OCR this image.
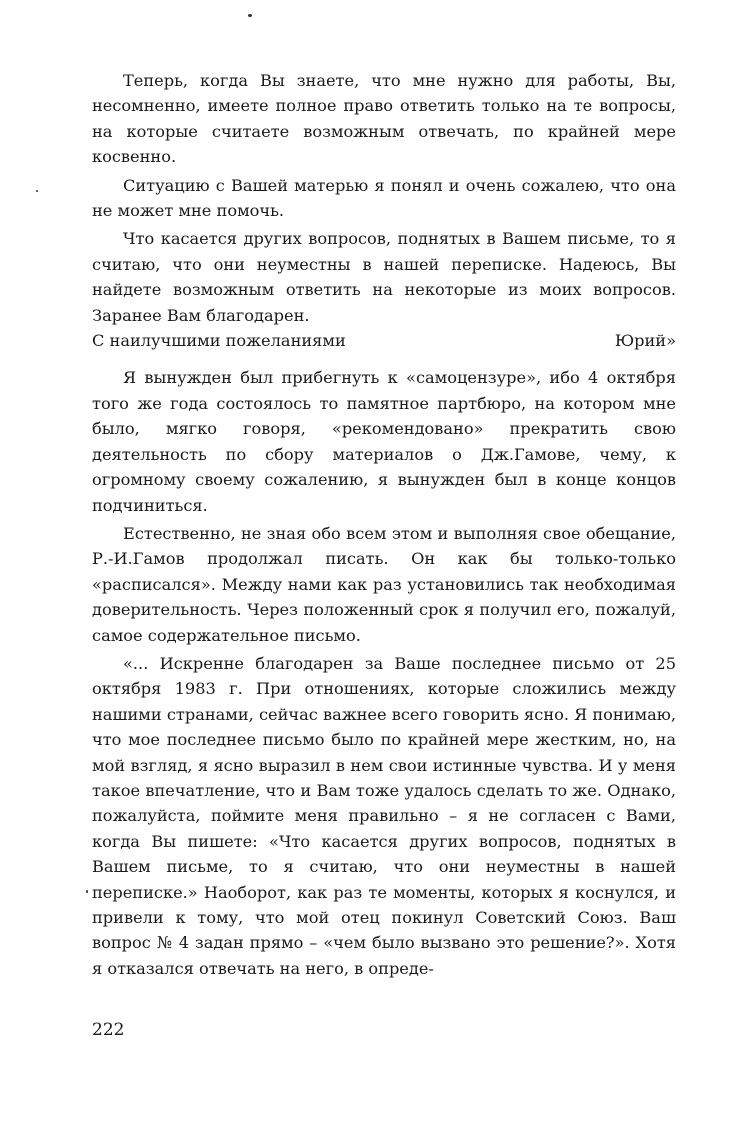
Теперь, когда Вы знаете, что мне нужно для работы, Вы, несомненно, имеете полное право ответить только на те вопросы, на которые считаете возможным отвечать, по крайней мере косвенно.

Ситуацию с Вашей матерью я понял и очень сожалею, что она не может мне помочь.

Что касается других вопросов, поднятых в Вашем письме, то я считаю, что они неуместны в нашей переписке. Надеюсь, Вы найдете возможным ответить на некоторые из моих вопросов. Заранее Вам благодарен.

С наилучшими пожеланиями	Юрий»

Я вынужден был прибегнуть к «самоцензуре», ибо 4 октября того же года состоялось то памятное партбюро, на котором мне было, мягко говоря, «рекомендовано» прекратить свою деятельность по сбору материалов о Дж.Гамове, чему, к огромному своему сожалению, я вынужден был в конце концов подчиниться.

Естественно, не зная обо всем этом и выполняя свое обещание, Р.-И.Гамов продолжал писать. Он как бы только-только «расписался». Между нами как раз установились так необходимая доверительность. Через положенный срок я получил его, пожалуй, самое содержательное письмо.

«... Искренне благодарен за Ваше последнее письмо от 25 октября 1983 г. При отношениях, которые сложились между нашими странами, сейчас важнее всего говорить ясно. Я понимаю, что мое последнее письмо было по крайней мере жестким, но, на мой взгляд, я ясно выразил в нем свои истинные чувства. И у меня такое впечатление, что и Вам тоже удалось сделать то же. Однако, пожалуйста, поймите меня правильно – я не согласен с Вами, когда Вы пишете: «Что касается других вопросов, поднятых в Вашем письме, то я считаю, что они неуместны в нашей переписке.» Наоборот, как раз те моменты, которых я коснулся, и привели к тому, что мой отец покинул Советский Союз. Ваш вопрос № 4 задан прямо – «чем было вызвано это решение?». Хотя я отказался отвечать на него, в опреде-

222
